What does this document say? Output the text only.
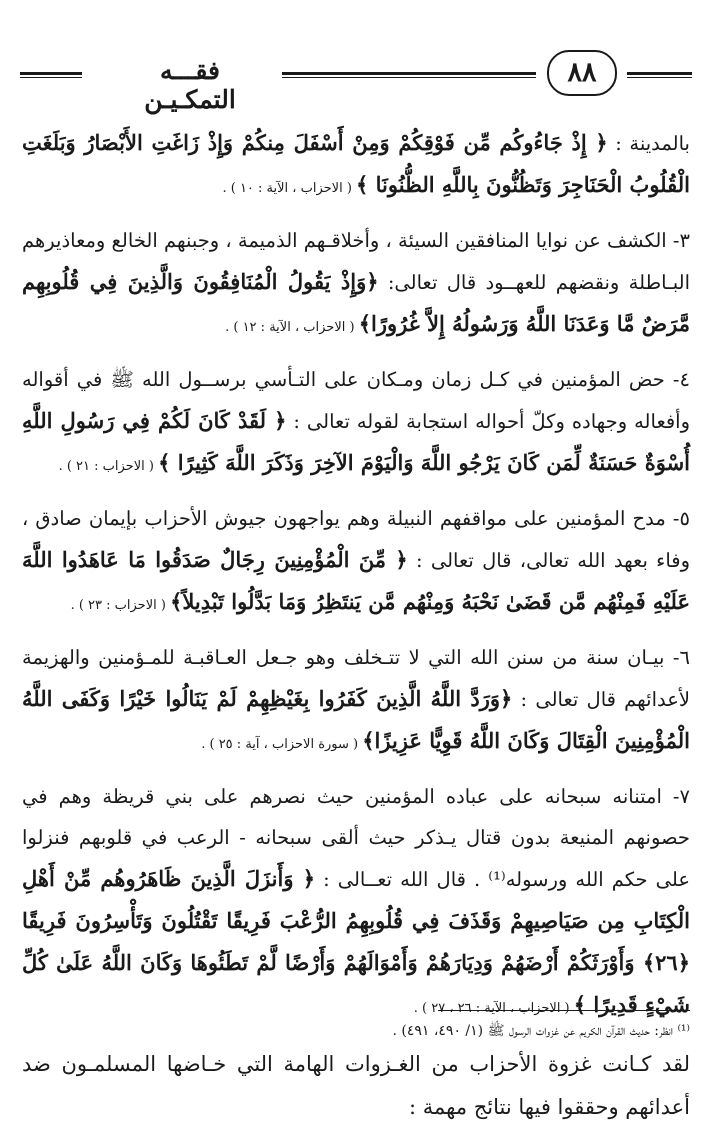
فقـــه التمكـيـن
٨٨

بالمدينة : ﴿ إِذْ جَاءُوكُم مِّن فَوْقِكُمْ وَمِنْ أَسْفَلَ مِنكُمْ وَإِذْ زَاغَتِ الأَبْصَارُ وَبَلَغَتِ الْقُلُوبُ الْحَنَاجِرَ وَتَظُنُّونَ بِاللَّهِ الظُّنُونَا ﴾ ( الاحزاب ، الآية : ١٠ ) .

٣- الكشف عن نوايا المنافقين السيئة ، وأخلاقـهم الذميمة ، وجبنهم الخالع ومعاذيرهم البـاطلة ونقضهم للعهــود قال تعالى: ﴿وَإِذْ يَقُولُ الْمُنَافِقُونَ وَالَّذِينَ فِي قُلُوبِهِم مَّرَضٌ مَّا وَعَدَنَا اللَّهُ وَرَسُولُهُ إِلاَّ غُرُورًا﴾ ( الاحزاب ، الآية : ١٢ ) .

٤- حض المؤمنين في كـل زمان ومـكان على التـأسي برســول الله ﷺ في أقواله وأفعاله وجهاده وكلّ أحواله استجابة لقوله تعالى : ﴿ لَقَدْ كَانَ لَكُمْ فِي رَسُولِ اللَّهِ أُسْوَةٌ حَسَنَةٌ لِّمَن كَانَ يَرْجُو اللَّهَ وَالْيَوْمَ الآخِرَ وَذَكَرَ اللَّهَ كَثِيرًا ﴾ ( الاحزاب : ٢١ ) .

٥- مدح المؤمنين على مواقفهم النبيلة وهم يواجهون جيوش الأحزاب بإيمان صادق ، وفاء بعهد الله تعالى، قال تعالى : ﴿ مِّنَ الْمُؤْمِنِينَ رِجَالٌ صَدَقُوا مَا عَاهَدُوا اللَّهَ عَلَيْهِ فَمِنْهُم مَّن قَضَىٰ نَحْبَهُ وَمِنْهُم مَّن يَنتَظِرُ وَمَا بَدَّلُوا تَبْدِيلاً﴾ ( الاحزاب : ٢٣ ) .

٦- بيـان سنة من سنن الله التي لا تتـخلف وهو جـعل العـاقبـة للمـؤمنين والهزيمة لأعدائهم قال تعالى : ﴿وَرَدَّ اللَّهُ الَّذِينَ كَفَرُوا بِغَيْظِهِمْ لَمْ يَنَالُوا خَيْرًا وَكَفَى اللَّهُ الْمُؤْمِنِينَ الْقِتَالَ وَكَانَ اللَّهُ قَوِيًّا عَزِيزًا﴾ ( سورة الاحزاب ، آية : ٢٥ ) .

٧- امتنانه سبحانه على عباده المؤمنين حيث نصرهم على بني قريظة وهم في حصونهم المنيعة بدون قتال يـذكر حيث ألقى سبحانه - الرعب في قلوبهم فنزلوا على حكم الله ورسوله⁽¹⁾ . قال الله تعــالى : ﴿ وَأَنزَلَ الَّذِينَ ظَاهَرُوهُم مِّنْ أَهْلِ الْكِتَابِ مِن صَيَاصِيهِمْ وَقَذَفَ فِي قُلُوبِهِمُ الرُّعْبَ فَرِيقًا تَقْتُلُونَ وَتَأْسِرُونَ فَرِيقًا ﴿٢٦﴾ وَأَوْرَثَكُمْ أَرْضَهُمْ وَدِيَارَهُمْ وَأَمْوَالَهُمْ وَأَرْضًا لَّمْ تَطَئُوهَا وَكَانَ اللَّهُ عَلَىٰ كُلِّ شَيْءٍ قَدِيرًا ﴾ ( الاحزاب ، الآية : ٢٦ ، ٢٧ ) .

لقد كـانت غزوة الأحزاب من الغـزوات الهامة التي خـاضها المسلمـون ضد أعدائهم وحققوا فيها نتائج مهمة :

⁽¹⁾ انظر: حديث القرآن الكريم عن غزوات الرسول ﷺ (١/ ٤٩٠، ٤٩١) .
